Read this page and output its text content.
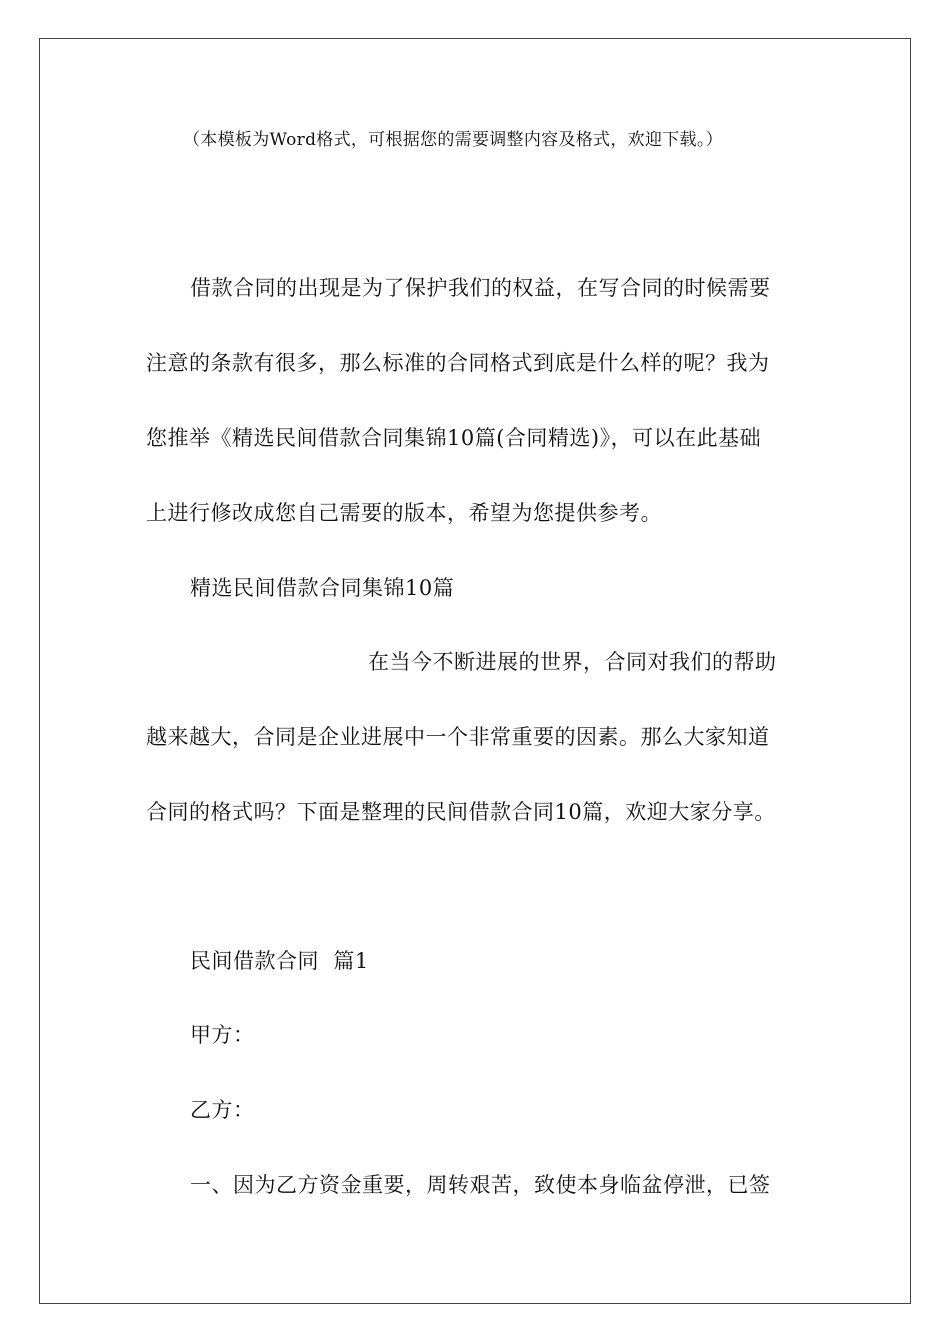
（本模板为Word格式，可根据您的需要调整内容及格式，欢迎下载。）
借款合同的出现是为了保护我们的权益，在写合同的时候需要
注意的条款有很多，那么标准的合同格式到底是什么样的呢？我为
您推举《精选民间借款合同集锦10篇(合同精选)》，可以在此基础
上进行修改成您自己需要的版本，希望为您提供参考。
精选民间借款合同集锦10篇
在当今不断进展的世界，合同对我们的帮助
越来越大，合同是企业进展中一个非常重要的因素。那么大家知道
合同的格式吗？下面是整理的民间借款合同10篇，欢迎大家分享。
民间借款合同  篇1
甲方：
乙方：
一、因为乙方资金重要，周转艰苦，致使本身临盆停泄，已签
